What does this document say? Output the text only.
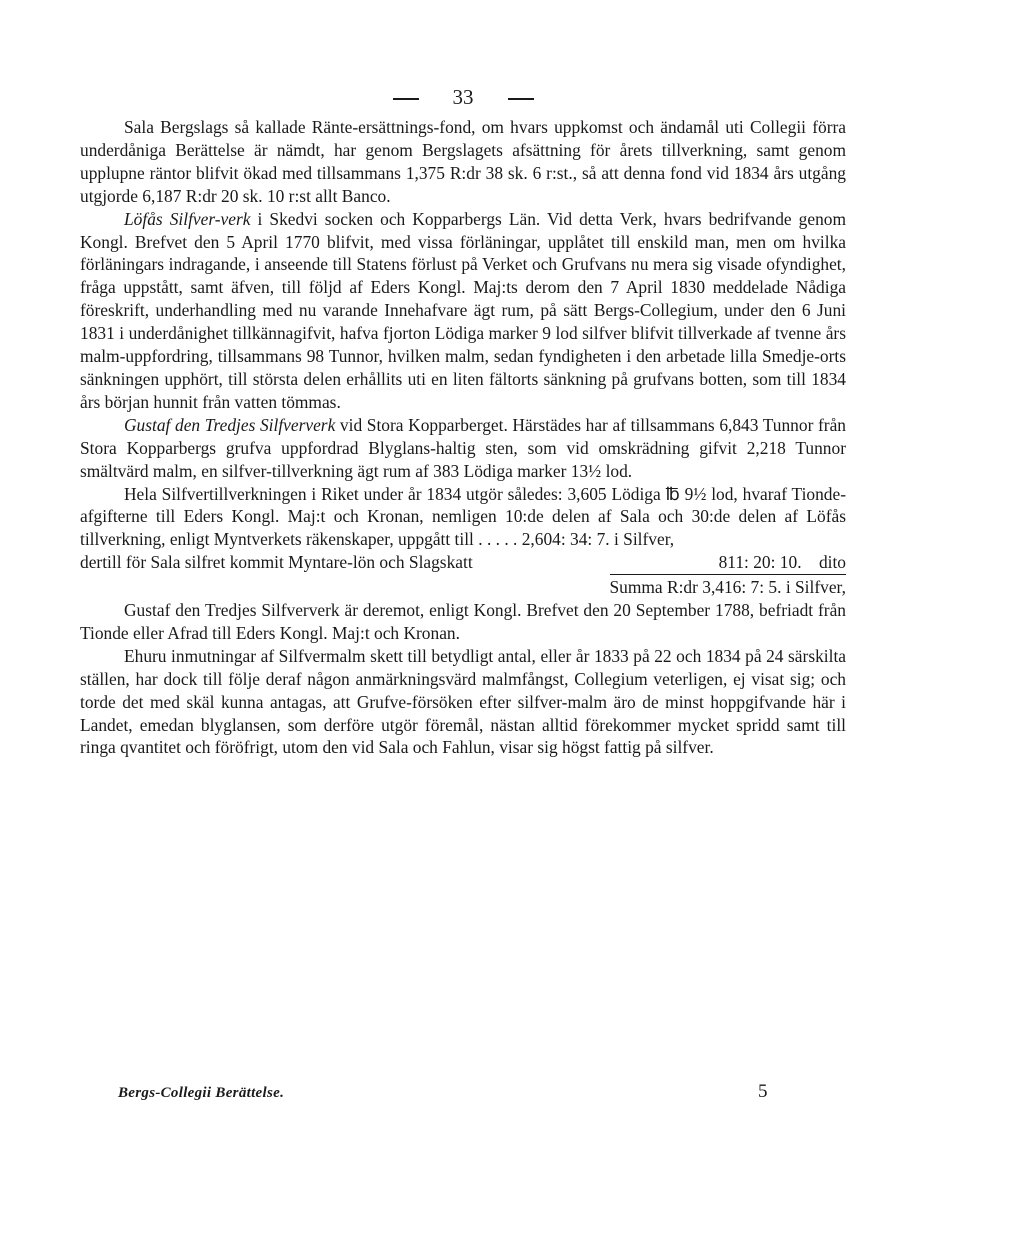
33

Sala Bergslags så kallade Ränte-ersättnings-fond, om hvars uppkomst och ändamål uti Collegii förra underdåniga Berättelse är nämdt, har genom Bergslagets afsättning för årets tillverkning, samt genom upplupne räntor blifvit ökad med tillsammans 1,375 R:dr 38 sk. 6 r:st., så att denna fond vid 1834 års utgång utgjorde 6,187 R:dr 20 sk. 10 r:st allt Banco.

Löfås Silfver-verk i Skedvi socken och Kopparbergs Län. Vid detta Verk, hvars bedrifvande genom Kongl. Brefvet den 5 April 1770 blifvit, med vissa förläningar, upplåtet till enskild man, men om hvilka förläningars indragande, i anseende till Statens förlust på Verket och Grufvans nu mera sig visade ofyndighet, fråga uppstått, samt äfven, till följd af Eders Kongl. Maj:ts derom den 7 April 1830 meddelade Nådiga föreskrift, underhandling med nu varande Innehafvare ägt rum, på sätt Bergs-Collegium, under den 6 Juni 1831 i underdånighet tillkännagifvit, hafva fjorton Lödiga marker 9 lod silfver blifvit tillverkade af tvenne års malm-uppfordring, tillsammans 98 Tunnor, hvilken malm, sedan fyndigheten i den arbetade lilla Smedje-orts sänkningen upphört, till största delen erhållits uti en liten fältorts sänkning på grufvans botten, som till 1834 års början hunnit från vatten tömmas.

Gustaf den Tredjes Silfververk vid Stora Kopparberget. Härstädes har af tillsammans 6,843 Tunnor från Stora Kopparbergs grufva uppfordrad Blyglans-haltig sten, som vid omskrädning gifvit 2,218 Tunnor smältvärd malm, en silfver-tillverkning ägt rum af 383 Lödiga marker 13½ lod.

Hela Silfvertillverkningen i Riket under år 1834 utgör således: 3,605 Lödiga ℔ 9½ lod, hvaraf Tionde-afgifterne till Eders Kongl. Maj:t och Kronan, nemligen 10:de delen af Sala och 30:de delen af Löfås tillverkning, enligt Myntverkets räkenskaper, uppgått till . . . . . 2,604: 34: 7. i Silfver,

dertill för Sala silfret kommit Myntare-lön och Slagskatt	811: 20: 10. dito
Summa R:dr 3,416: 7: 5. i Silfver,

Gustaf den Tredjes Silfververk är deremot, enligt Kongl. Brefvet den 20 September 1788, befriadt från Tionde eller Afrad till Eders Kongl. Maj:t och Kronan.

Ehuru inmutningar af Silfvermalm skett till betydligt antal, eller år 1833 på 22 och 1834 på 24 särskilta ställen, har dock till följe deraf någon anmärkningsvärd malmfångst, Collegium veterligen, ej visat sig; och torde det med skäl kunna antagas, att Grufve-försöken efter silfver-malm äro de minst hoppgifvande här i Landet, emedan blyglansen, som derföre utgör föremål, nästan alltid förekommer mycket spridd samt till ringa qvantitet och föröfrigt, utom den vid Sala och Fahlun, visar sig högst fattig på silfver.

Bergs-Collegii Berättelse.	5
